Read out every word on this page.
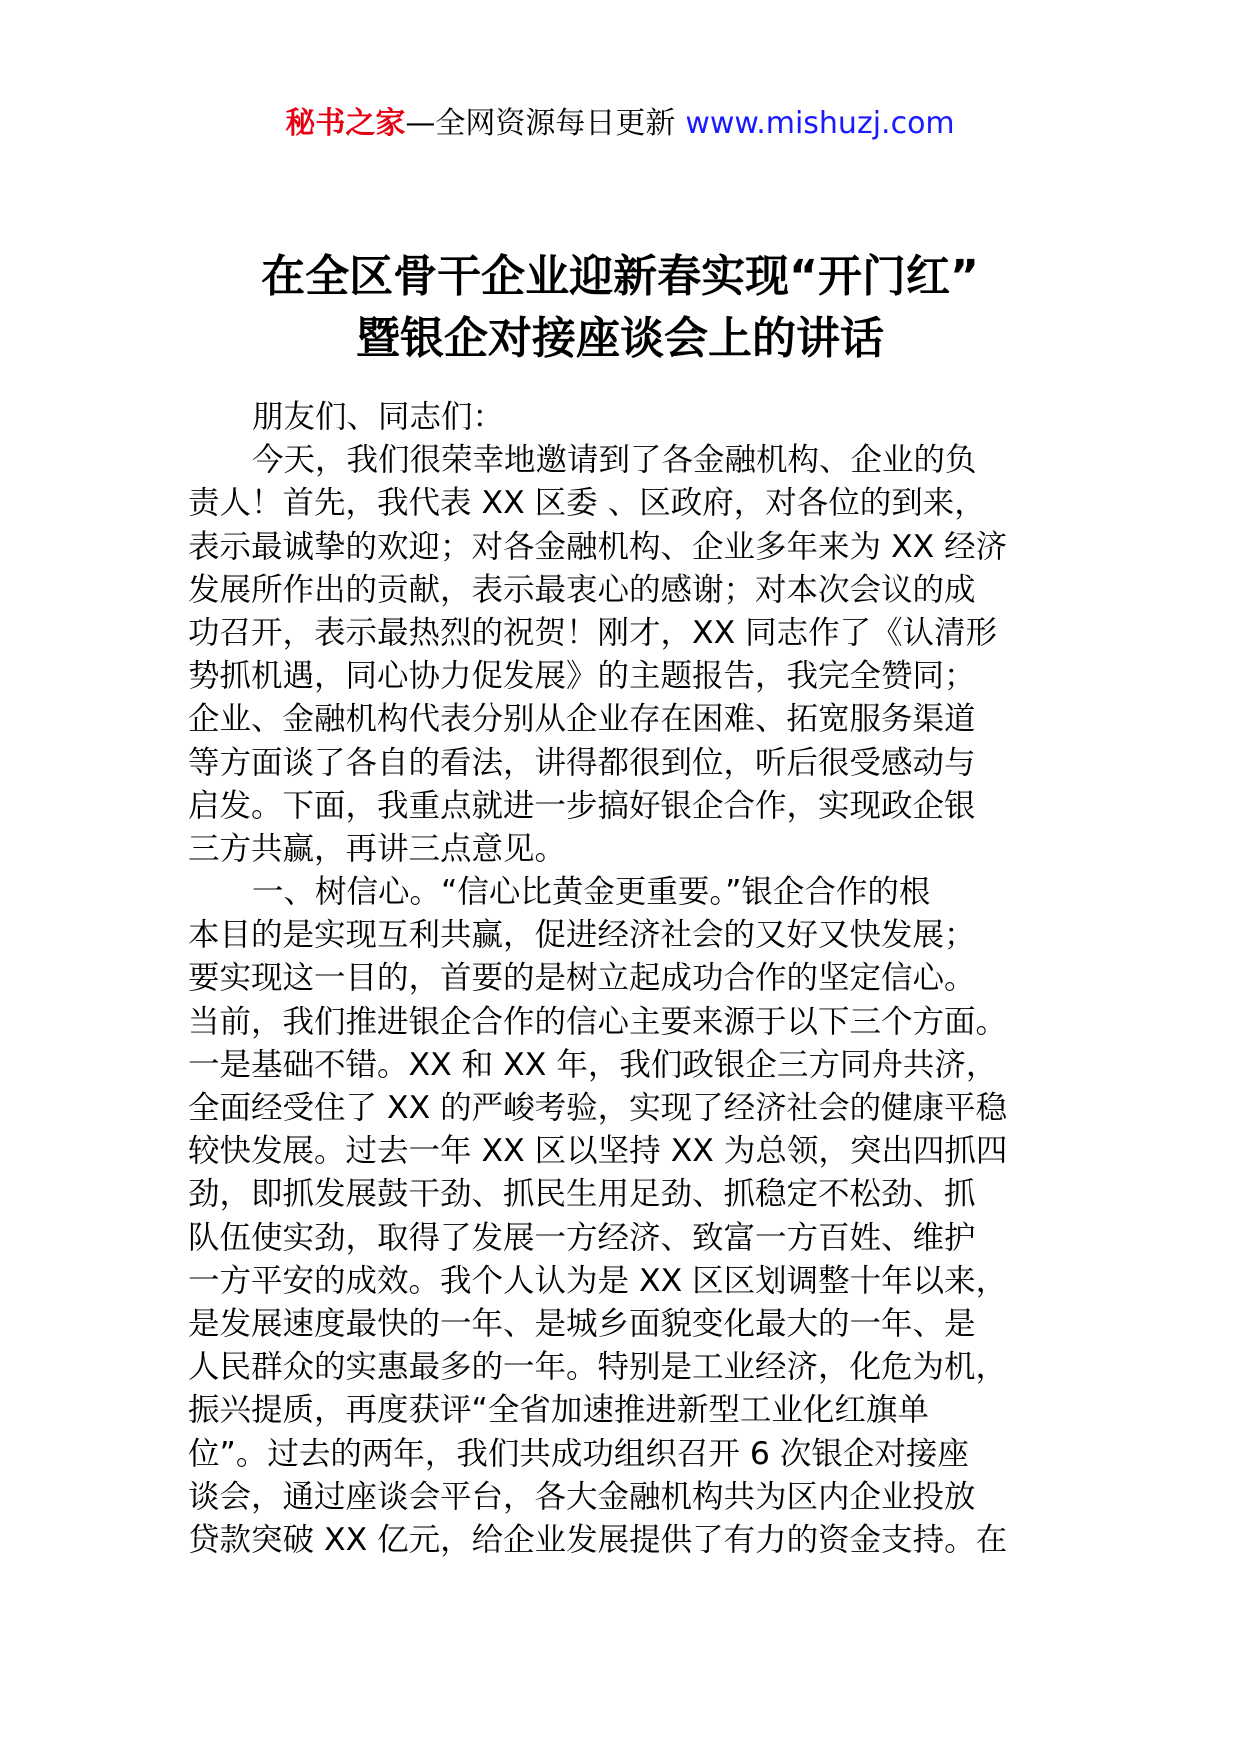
秘书之家—全网资源每日更新 www.mishuzj.com
在全区骨干企业迎新春实现“开门红”
暨银企对接座谈会上的讲话
朋友们、同志们：
今天，我们很荣幸地邀请到了各金融机构、企业的负
责人！首先，我代表 XX 区委 、区政府，对各位的到来，
表示最诚挚的欢迎；对各金融机构、企业多年来为 XX 经济
发展所作出的贡献，表示最衷心的感谢；对本次会议的成
功召开，表示最热烈的祝贺！刚才，XX 同志作了《认清形
势抓机遇，同心协力促发展》的主题报告，我完全赞同；
企业、金融机构代表分别从企业存在困难、拓宽服务渠道
等方面谈了各自的看法，讲得都很到位，听后很受感动与
启发。下面，我重点就进一步搞好银企合作，实现政企银
三方共赢，再讲三点意见。
一、树信心。“信心比黄金更重要。”银企合作的根
本目的是实现互利共赢，促进经济社会的又好又快发展；
要实现这一目的，首要的是树立起成功合作的坚定信心。
当前，我们推进银企合作的信心主要来源于以下三个方面。
一是基础不错。XX 和 XX 年，我们政银企三方同舟共济，
全面经受住了 XX 的严峻考验，实现了经济社会的健康平稳
较快发展。过去一年 XX 区以坚持 XX 为总领，突出四抓四
劲，即抓发展鼓干劲、抓民生用足劲、抓稳定不松劲、抓
队伍使实劲，取得了发展一方经济、致富一方百姓、维护
一方平安的成效。我个人认为是 XX 区区划调整十年以来，
是发展速度最快的一年、是城乡面貌变化最大的一年、是
人民群众的实惠最多的一年。特别是工业经济，化危为机，
振兴提质，再度获评“全省加速推进新型工业化红旗单
位”。过去的两年，我们共成功组织召开 6 次银企对接座
谈会，通过座谈会平台，各大金融机构共为区内企业投放
贷款突破 XX 亿元，给企业发展提供了有力的资金支持。在
